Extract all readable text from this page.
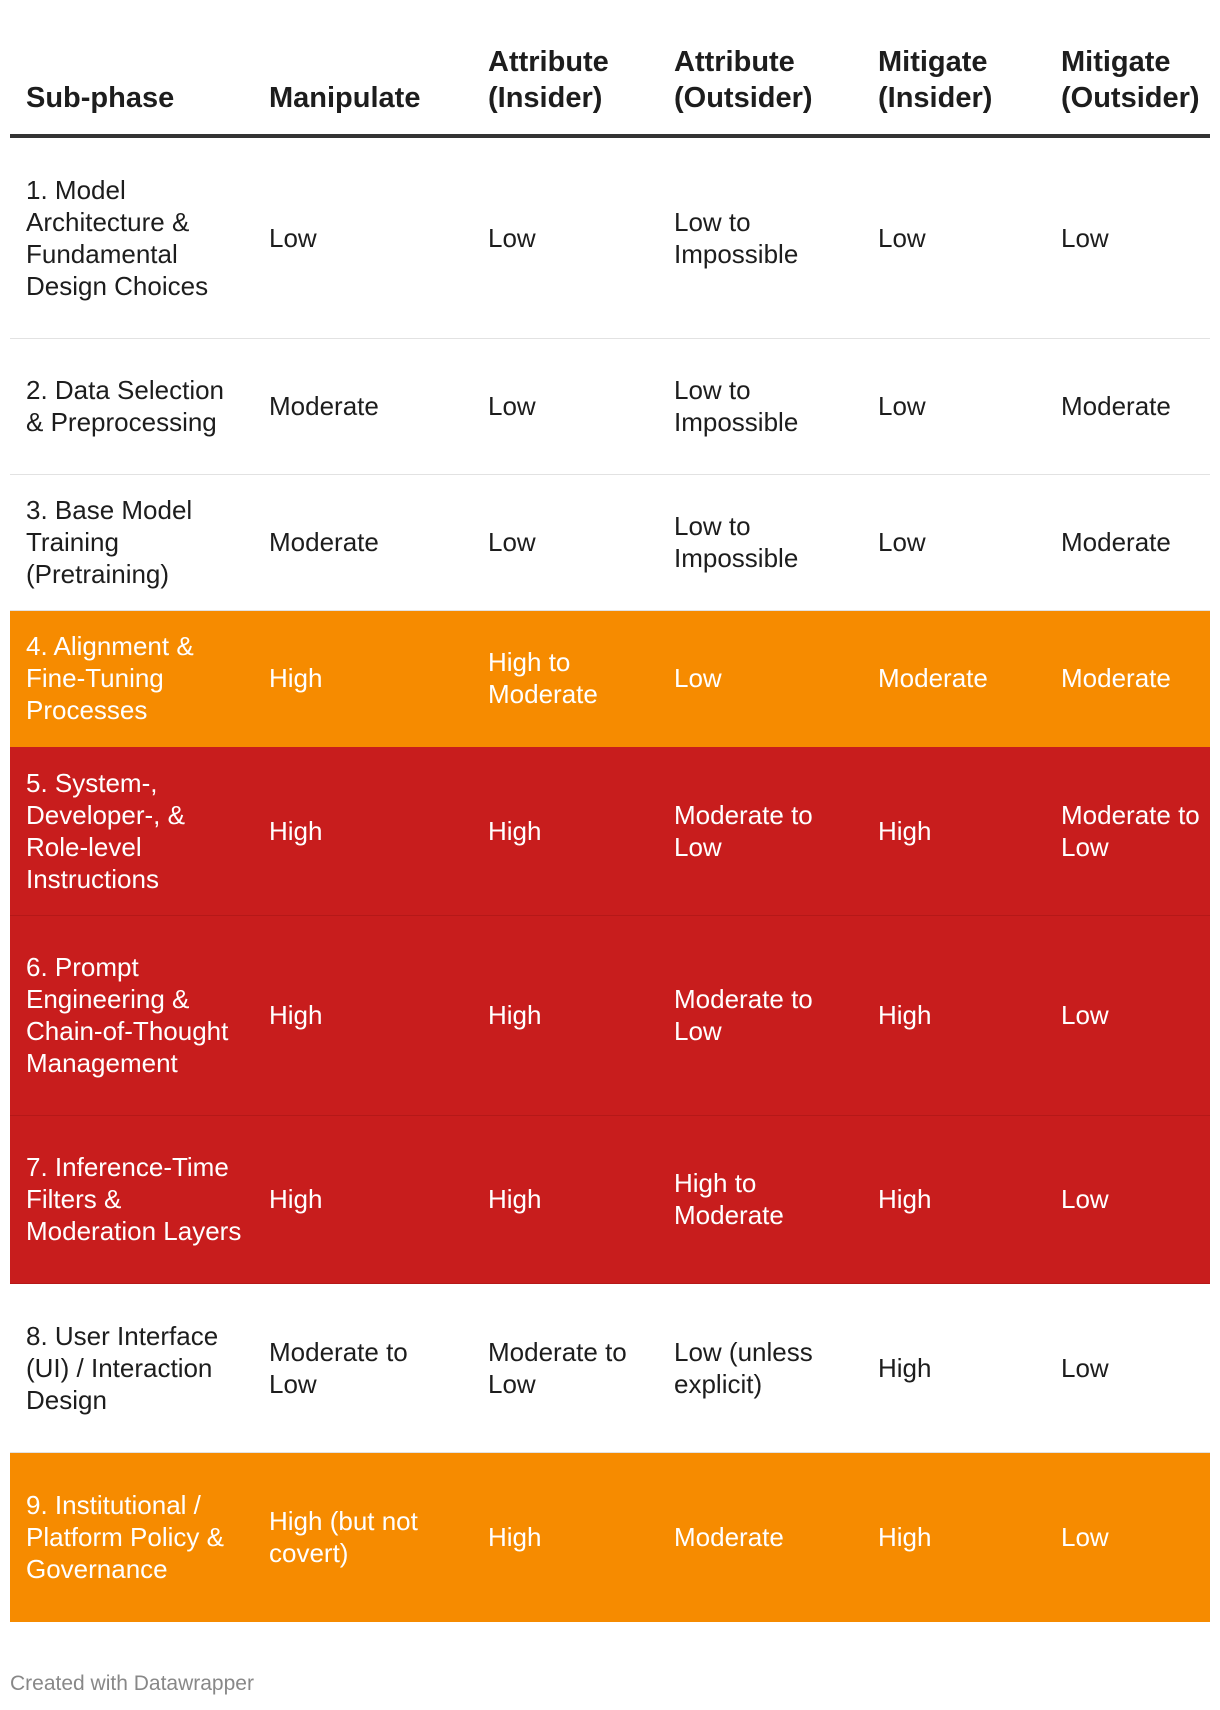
Sub-phase	Manipulate	Attribute (Insider)	Attribute (Outsider)	Mitigate (Insider)	Mitigate (Outsider)
1. Model Architecture & Fundamental Design Choices	Low	Low	Low to Impossible	Low	Low
2. Data Selection & Preprocessing	Moderate	Low	Low to Impossible	Low	Moderate
3. Base Model Training (Pretraining)	Moderate	Low	Low to Impossible	Low	Moderate
4. Alignment & Fine-Tuning Processes	High	High to Moderate	Low	Moderate	Moderate
5. System-, Developer-, & Role-level Instructions	High	High	Moderate to Low	High	Moderate to Low
6. Prompt Engineering & Chain-of-Thought Management	High	High	Moderate to Low	High	Low
7. Inference-Time Filters & Moderation Layers	High	High	High to Moderate	High	Low
8. User Interface (UI) / Interaction Design	Moderate to Low	Moderate to Low	Low (unless explicit)	High	Low
9. Institutional / Platform Policy & Governance	High (but not covert)	High	Moderate	High	Low
Created with Datawrapper
